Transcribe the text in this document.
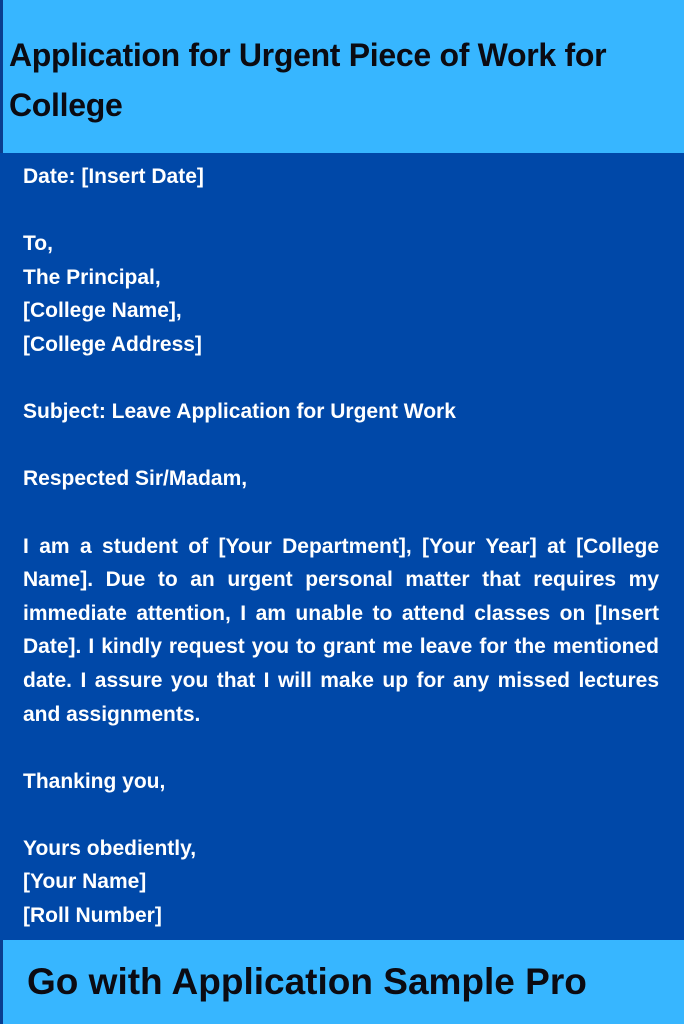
Application for Urgent Piece of Work for College
Date: [Insert Date]
To,
The Principal,
[College Name],
[College Address]
Subject: Leave Application for Urgent Work
Respected Sir/Madam,
I am a student of [Your Department], [Your Year] at [College Name]. Due to an urgent personal matter that requires my immediate attention, I am unable to attend classes on [Insert Date]. I kindly request you to grant me leave for the mentioned date. I assure you that I will make up for any missed lectures and assignments.
Thanking you,
Yours obediently,
[Your Name]
[Roll Number]

Go with Application Sample Pro
